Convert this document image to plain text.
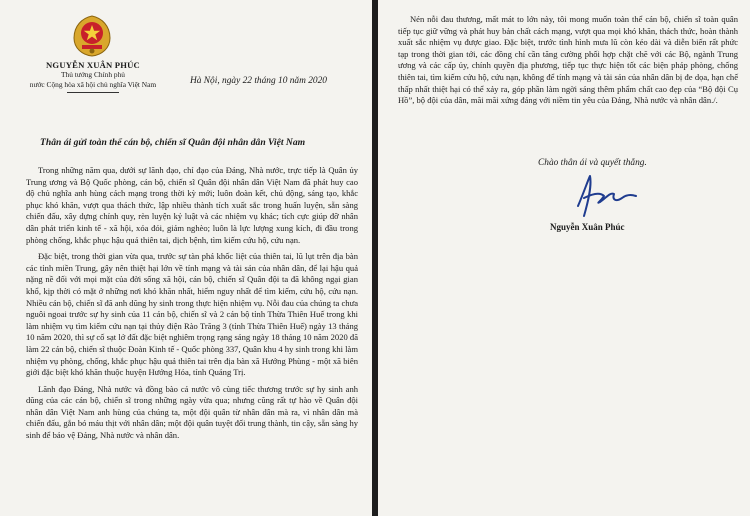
NGUYỄN XUÂN PHÚC
Thủ tướng Chính phủ
nước Cộng hòa xã hội chủ nghĩa Việt Nam	Hà Nội, ngày 22 tháng 10 năm 2020
Thân ái gửi toàn thể cán bộ, chiến sĩ Quân đội nhân dân Việt Nam

Trong những năm qua, dưới sự lãnh đạo, chỉ đạo của Đảng, Nhà nước, trực tiếp là Quân ủy Trung ương và Bộ Quốc phòng, cán bộ, chiến sĩ Quân đội nhân dân Việt Nam đã phát huy cao độ chủ nghĩa anh hùng cách mạng trong thời kỳ mới; luôn đoàn kết, chủ động, sáng tạo, khắc phục khó khăn, vượt qua thách thức, lập nhiều thành tích xuất sắc trong huấn luyện, sẵn sàng chiến đấu, xây dựng chính quy, rèn luyện kỷ luật và các nhiệm vụ khác; tích cực giúp đỡ nhân dân phát triển kinh tế - xã hội, xóa đói, giảm nghèo; luôn là lực lượng xung kích, đi đầu trong phòng chống, khắc phục hậu quả thiên tai, dịch bệnh, tìm kiếm cứu hộ, cứu nạn.

Đặc biệt, trong thời gian vừa qua, trước sự tàn phá khốc liệt của thiên tai, lũ lụt trên địa bàn các tỉnh miền Trung, gây nên thiệt hại lớn về tính mạng và tài sản của nhân dân, để lại hậu quả nặng nề đối với mọi mặt của đời sống xã hội, cán bộ, chiến sĩ Quân đội ta đã không ngại gian khổ, kịp thời có mặt ở những nơi khó khăn nhất, hiểm nguy nhất để tìm kiếm, cứu hộ, cứu nạn. Nhiều cán bộ, chiến sĩ đã anh dũng hy sinh trong thực hiện nhiệm vụ. Nỗi đau của chúng ta chưa nguôi ngoai trước sự hy sinh của 11 cán bộ, chiến sĩ và 2 cán bộ tỉnh Thừa Thiên Huế trong khi làm nhiệm vụ tìm kiếm cứu nạn tại thủy điện Rào Trăng 3 (tỉnh Thừa Thiên Huế) ngày 13 tháng 10 năm 2020, thì sự cố sạt lở đất đặc biệt nghiêm trọng rạng sáng ngày 18 tháng 10 năm 2020 đã làm 22 cán bộ, chiến sĩ thuộc Đoàn Kinh tế - Quốc phòng 337, Quân khu 4 hy sinh trong khi làm nhiệm vụ phòng, chống, khắc phục hậu quả thiên tai trên địa bàn xã Hướng Phùng - một xã biên giới đặc biệt khó khăn thuộc huyện Hướng Hóa, tỉnh Quảng Trị.

Lãnh đạo Đảng, Nhà nước và đồng bào cả nước vô cùng tiếc thương trước sự hy sinh anh dũng của các cán bộ, chiến sĩ trong những ngày vừa qua; nhưng cũng rất tự hào về Quân đội nhân dân Việt Nam anh hùng của chúng ta, một đội quân từ nhân dân mà ra, vì nhân dân mà chiến đấu, gắn bó máu thịt với nhân dân; một đội quân tuyệt đối trung thành, tin cậy, sẵn sàng hy sinh để bảo vệ Đảng, Nhà nước và nhân dân.

Nén nỗi đau thương, mất mát to lớn này, tôi mong muốn toàn thể cán bộ, chiến sĩ toàn quân tiếp tục giữ vững và phát huy bản chất cách mạng, vượt qua mọi khó khăn, thách thức, hoàn thành xuất sắc nhiệm vụ được giao. Đặc biệt, trước tình hình mưa lũ còn kéo dài và diễn biến rất phức tạp trong thời gian tới, các đồng chí cần tăng cường phối hợp chặt chẽ với các Bộ, ngành Trung ương và các cấp ủy, chính quyền địa phương, tiếp tục thực hiện tốt các biện pháp phòng, chống thiên tai, tìm kiếm cứu hộ, cứu nạn, không để tính mạng và tài sản của nhân dân bị đe dọa, hạn chế thấp nhất thiệt hại có thể xảy ra, góp phần làm ngời sáng thêm phẩm chất cao đẹp của “Bộ đội Cụ Hồ”, bộ đội của dân, mãi mãi xứng đáng với niềm tin yêu của Đảng, Nhà nước và nhân dân./.

Chào thân ái và quyết thắng.
Nguyễn Xuân Phúc
